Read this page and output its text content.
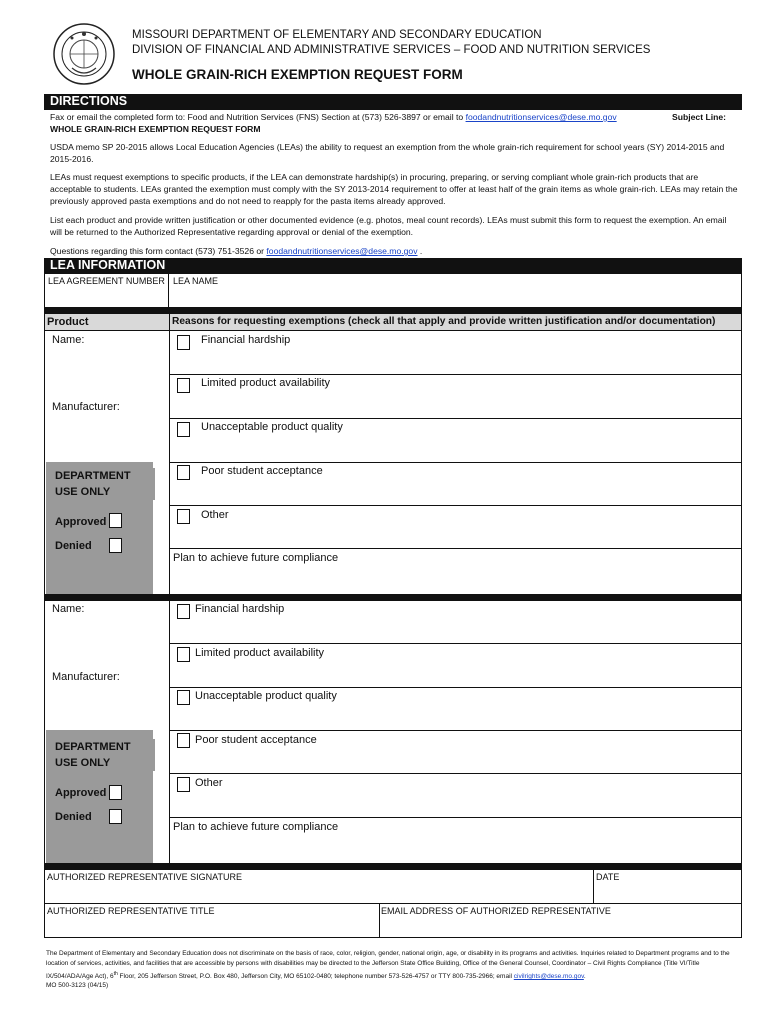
MISSOURI DEPARTMENT OF ELEMENTARY AND SECONDARY EDUCATION
DIVISION OF FINANCIAL AND ADMINISTRATIVE SERVICES – FOOD AND NUTRITION SERVICES
WHOLE GRAIN-RICH EXEMPTION REQUEST FORM
DIRECTIONS
Fax or email the completed form to: Food and Nutrition Services (FNS) Section at (573) 526-3897 or email to foodandnutritionservices@dese.mo.gov	Subject Line:

WHOLE GRAIN-RICH EXEMPTION REQUEST FORM
USDA memo SP 20-2015 allows Local Education Agencies (LEAs) the ability to request an exemption from the whole grain-rich requirement for school years (SY) 2014-2015 and 2015-2016.
LEAs must request exemptions to specific products, if the LEA can demonstrate hardship(s) in procuring, preparing, or serving compliant whole grain-rich products that are acceptable to students. LEAs granted the exemption must comply with the SY 2013-2014 requirement to offer at least half of the grain items as whole grain-rich. LEAs may retain the previously approved pasta exemptions and do not need to reapply for the pasta items already approved.
List each product and provide written justification or other documented evidence (e.g. photos, meal count records). LEAs must submit this form to request the exemption. An email will be returned to the Authorized Representative regarding approval or denial of the exemption.
Questions regarding this form contact (573) 751-3526 or foodandnutritionservices@dese.mo.gov .
LEA INFORMATION
LEA AGREEMENT NUMBER LEA NAME
Product	Reasons for requesting exemptions (check all that apply and provide written justification and/or documentation)
Name:
Manufacturer:
DEPARTMENT USE ONLY
Approved
Denied
Financial hardship
Limited product availability
Unacceptable product quality
Poor student acceptance
Other
Plan to achieve future compliance
Name:
Manufacturer:
DEPARTMENT USE ONLY
Approved
Denied
Financial hardship
Limited product availability
Unacceptable product quality
Poor student acceptance
Other
Plan to achieve future compliance
AUTHORIZED REPRESENTATIVE SIGNATURE	DATE
AUTHORIZED REPRESENTATIVE TITLE	EMAIL ADDRESS OF AUTHORIZED REPRESENTATIVE
The Department of Elementary and Secondary Education does not discriminate on the basis of race, color, religion, gender, national origin, age, or disability in its programs and activities. Inquiries related to Department programs and to the location of services, activities, and facilities that are accessible by persons with disabilities may be directed to the Jefferson State Office Building, Office of the General Counsel, Coordinator – Civil Rights Compliance (Title VI/Title IX/504/ADA/Age Act), 6th Floor, 205 Jefferson Street, P.O. Box 480, Jefferson City, MO 65102-0480; telephone number 573-526-4757 or TTY 800-735-2966; email civilrights@dese.mo.gov.
MO 500-3123 (04/15)
